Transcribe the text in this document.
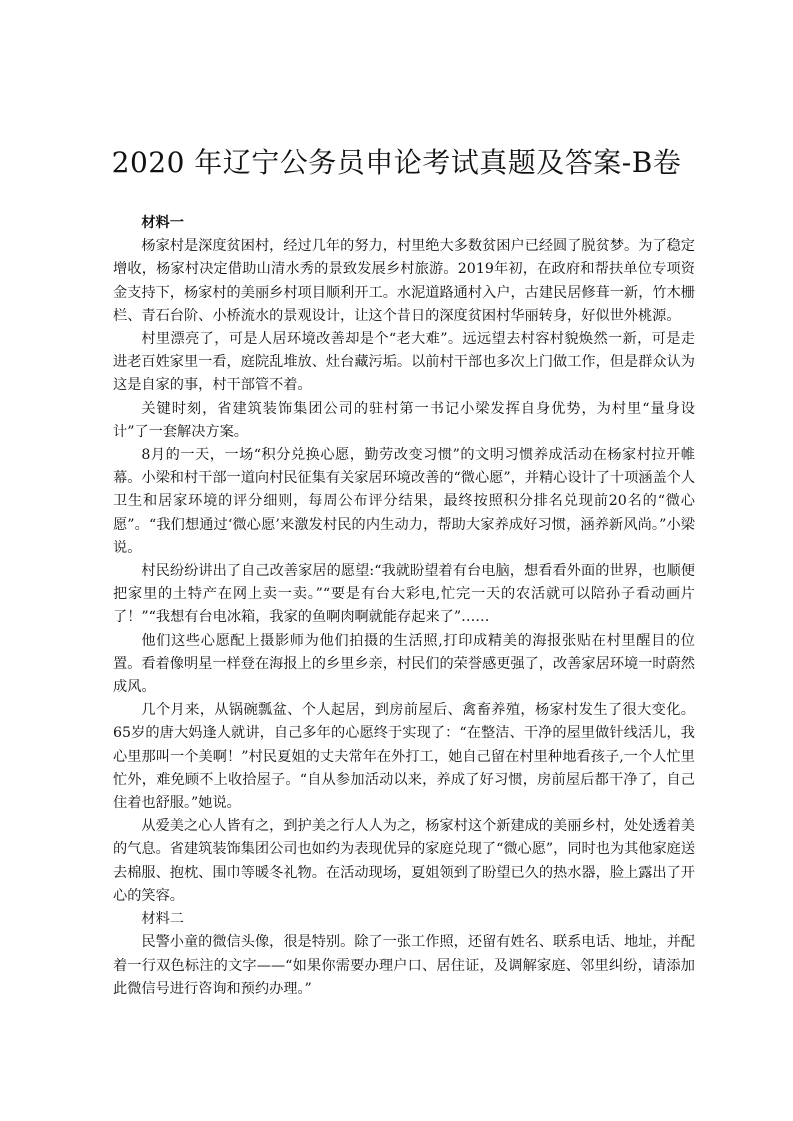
2020 年辽宁公务员申论考试真题及答案-B卷

材料一

杨家村是深度贫困村，经过几年的努力，村里绝大多数贫困户已经圆了脱贫梦。为了稳定增收，杨家村决定借助山清水秀的景致发展乡村旅游。2019年初，在政府和帮扶单位专项资金支持下，杨家村的美丽乡村项目顺利开工。水泥道路通村入户，古建民居修葺一新，竹木栅栏、青石台阶、小桥流水的景观设计，让这个昔日的深度贫困村华丽转身，好似世外桃源。

村里漂亮了，可是人居环境改善却是个“老大难”。远远望去村容村貌焕然一新，可是走进老百姓家里一看，庭院乱堆放、灶台藏污垢。以前村干部也多次上门做工作，但是群众认为这是自家的事，村干部管不着。

关键时刻，省建筑装饰集团公司的驻村第一书记小梁发挥自身优势，为村里“量身设计”了一套解决方案。

8月的一天，一场“积分兑换心愿，勤劳改变习惯”的文明习惯养成活动在杨家村拉开帷幕。小梁和村干部一道向村民征集有关家居环境改善的“微心愿”，并精心设计了十项涵盖个人卫生和居家环境的评分细则，每周公布评分结果，最终按照积分排名兑现前20名的“微心愿”。“我们想通过‘微心愿’来激发村民的内生动力，帮助大家养成好习惯，涵养新风尚。”小梁说。

村民纷纷讲出了自己改善家居的愿望:“我就盼望着有台电脑，想看看外面的世界，也顺便把家里的土特产在网上卖一卖。”“要是有台大彩电,忙完一天的农活就可以陪孙子看动画片了！”“我想有台电冰箱，我家的鱼啊肉啊就能存起来了”……

他们这些心愿配上摄影师为他们拍摄的生活照,打印成精美的海报张贴在村里醒目的位置。看着像明星一样登在海报上的乡里乡亲，村民们的荣誉感更强了，改善家居环境一时蔚然成风。

几个月来，从锅碗瓢盆、个人起居，到房前屋后、禽畜养殖，杨家村发生了很大变化。65岁的唐大妈逢人就讲，自己多年的心愿终于实现了：“在整洁、干净的屋里做针线活儿，我心里那叫一个美啊！”村民夏姐的丈夫常年在外打工，她自己留在村里种地看孩子,一个人忙里忙外，难免顾不上收拾屋子。“自从参加活动以来，养成了好习惯，房前屋后都干净了，自己住着也舒服。”她说。

从爱美之心人皆有之，到护美之行人人为之，杨家村这个新建成的美丽乡村，处处透着美的气息。省建筑装饰集团公司也如约为表现优异的家庭兑现了“微心愿”，同时也为其他家庭送去棉服、抱枕、围巾等暖冬礼物。在活动现场，夏姐领到了盼望已久的热水器，脸上露出了开心的笑容。

材料二

民警小童的微信头像，很是特别。除了一张工作照，还留有姓名、联系电话、地址，并配着一行双色标注的文字——“如果你需要办理户口、居住证，及调解家庭、邻里纠纷，请添加此微信号进行咨询和预约办理。”
